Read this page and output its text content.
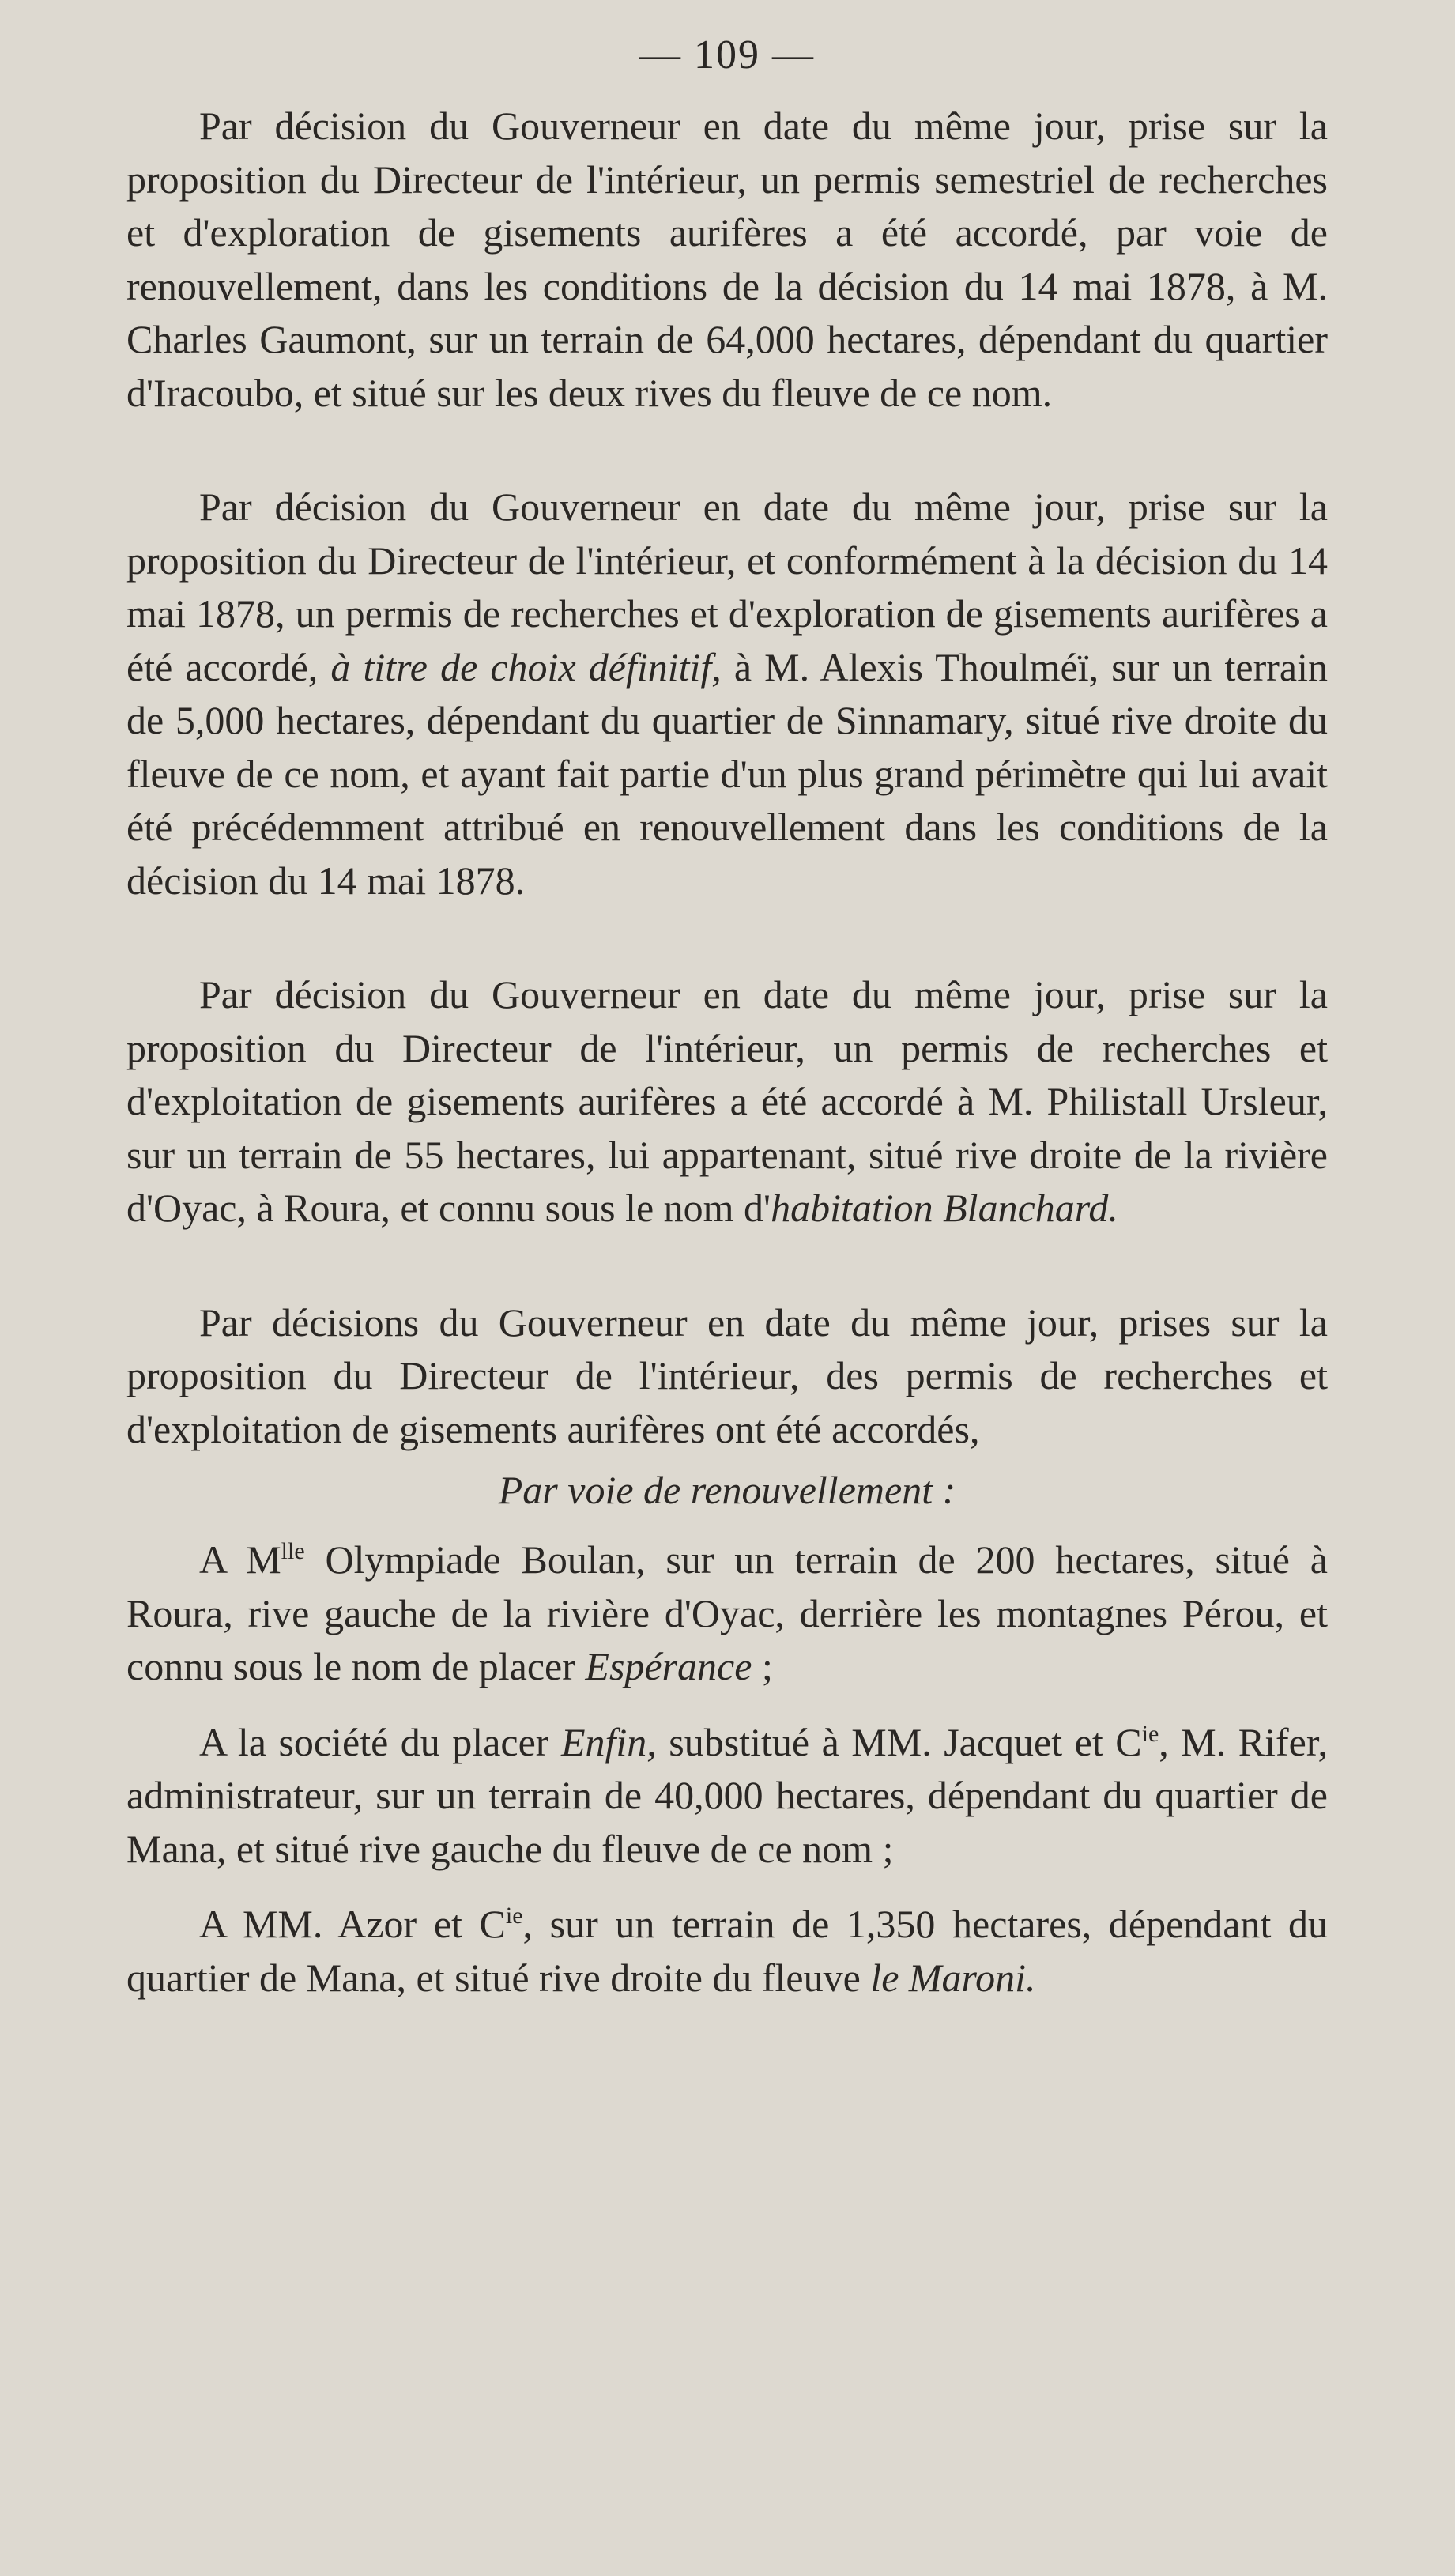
— 109 —

Par décision du Gouverneur en date du même jour, prise sur la proposition du Directeur de l'intérieur, un permis semestriel de recherches et d'exploration de gisements aurifères a été accordé, par voie de renouvellement, dans les conditions de la décision du 14 mai 1878, à M. Charles Gaumont, sur un terrain de 64,000 hectares, dépendant du quartier d'Iracoubo, et situé sur les deux rives du fleuve de ce nom.

Par décision du Gouverneur en date du même jour, prise sur la proposition du Directeur de l'intérieur, et conformément à la décision du 14 mai 1878, un permis de recherches et d'exploration de gisements aurifères a été accordé, à titre de choix définitif, à M. Alexis Thoulméï, sur un terrain de 5,000 hectares, dépendant du quartier de Sinnamary, situé rive droite du fleuve de ce nom, et ayant fait partie d'un plus grand périmètre qui lui avait été précédemment attribué en renouvellement dans les conditions de la décision du 14 mai 1878.

Par décision du Gouverneur en date du même jour, prise sur la proposition du Directeur de l'intérieur, un permis de recherches et d'exploitation de gisements aurifères a été accordé à M. Philistall Ursleur, sur un terrain de 55 hectares, lui appartenant, situé rive droite de la rivière d'Oyac, à Roura, et connu sous le nom d'habitation Blanchard.

Par décisions du Gouverneur en date du même jour, prises sur la proposition du Directeur de l'intérieur, des permis de recherches et d'exploitation de gisements aurifères ont été accordés,

Par voie de renouvellement :

A $M^{lle}$ Olympiade Boulan, sur un terrain de 200 hectares, situé à Roura, rive gauche de la rivière d'Oyac, derrière les montagnes Pérou, et connu sous le nom de placer Espérance ;

A la société du placer Enfin, substitué à MM. Jacquet et $C^{ie}$, M. Rifer, administrateur, sur un terrain de 40,000 hectares, dépendant du quartier de Mana, et situé rive gauche du fleuve de ce nom ;

A MM. Azor et $C^{ie}$, sur un terrain de 1,350 hectares, dépendant du quartier de Mana, et situé rive droite du fleuve le Maroni.
